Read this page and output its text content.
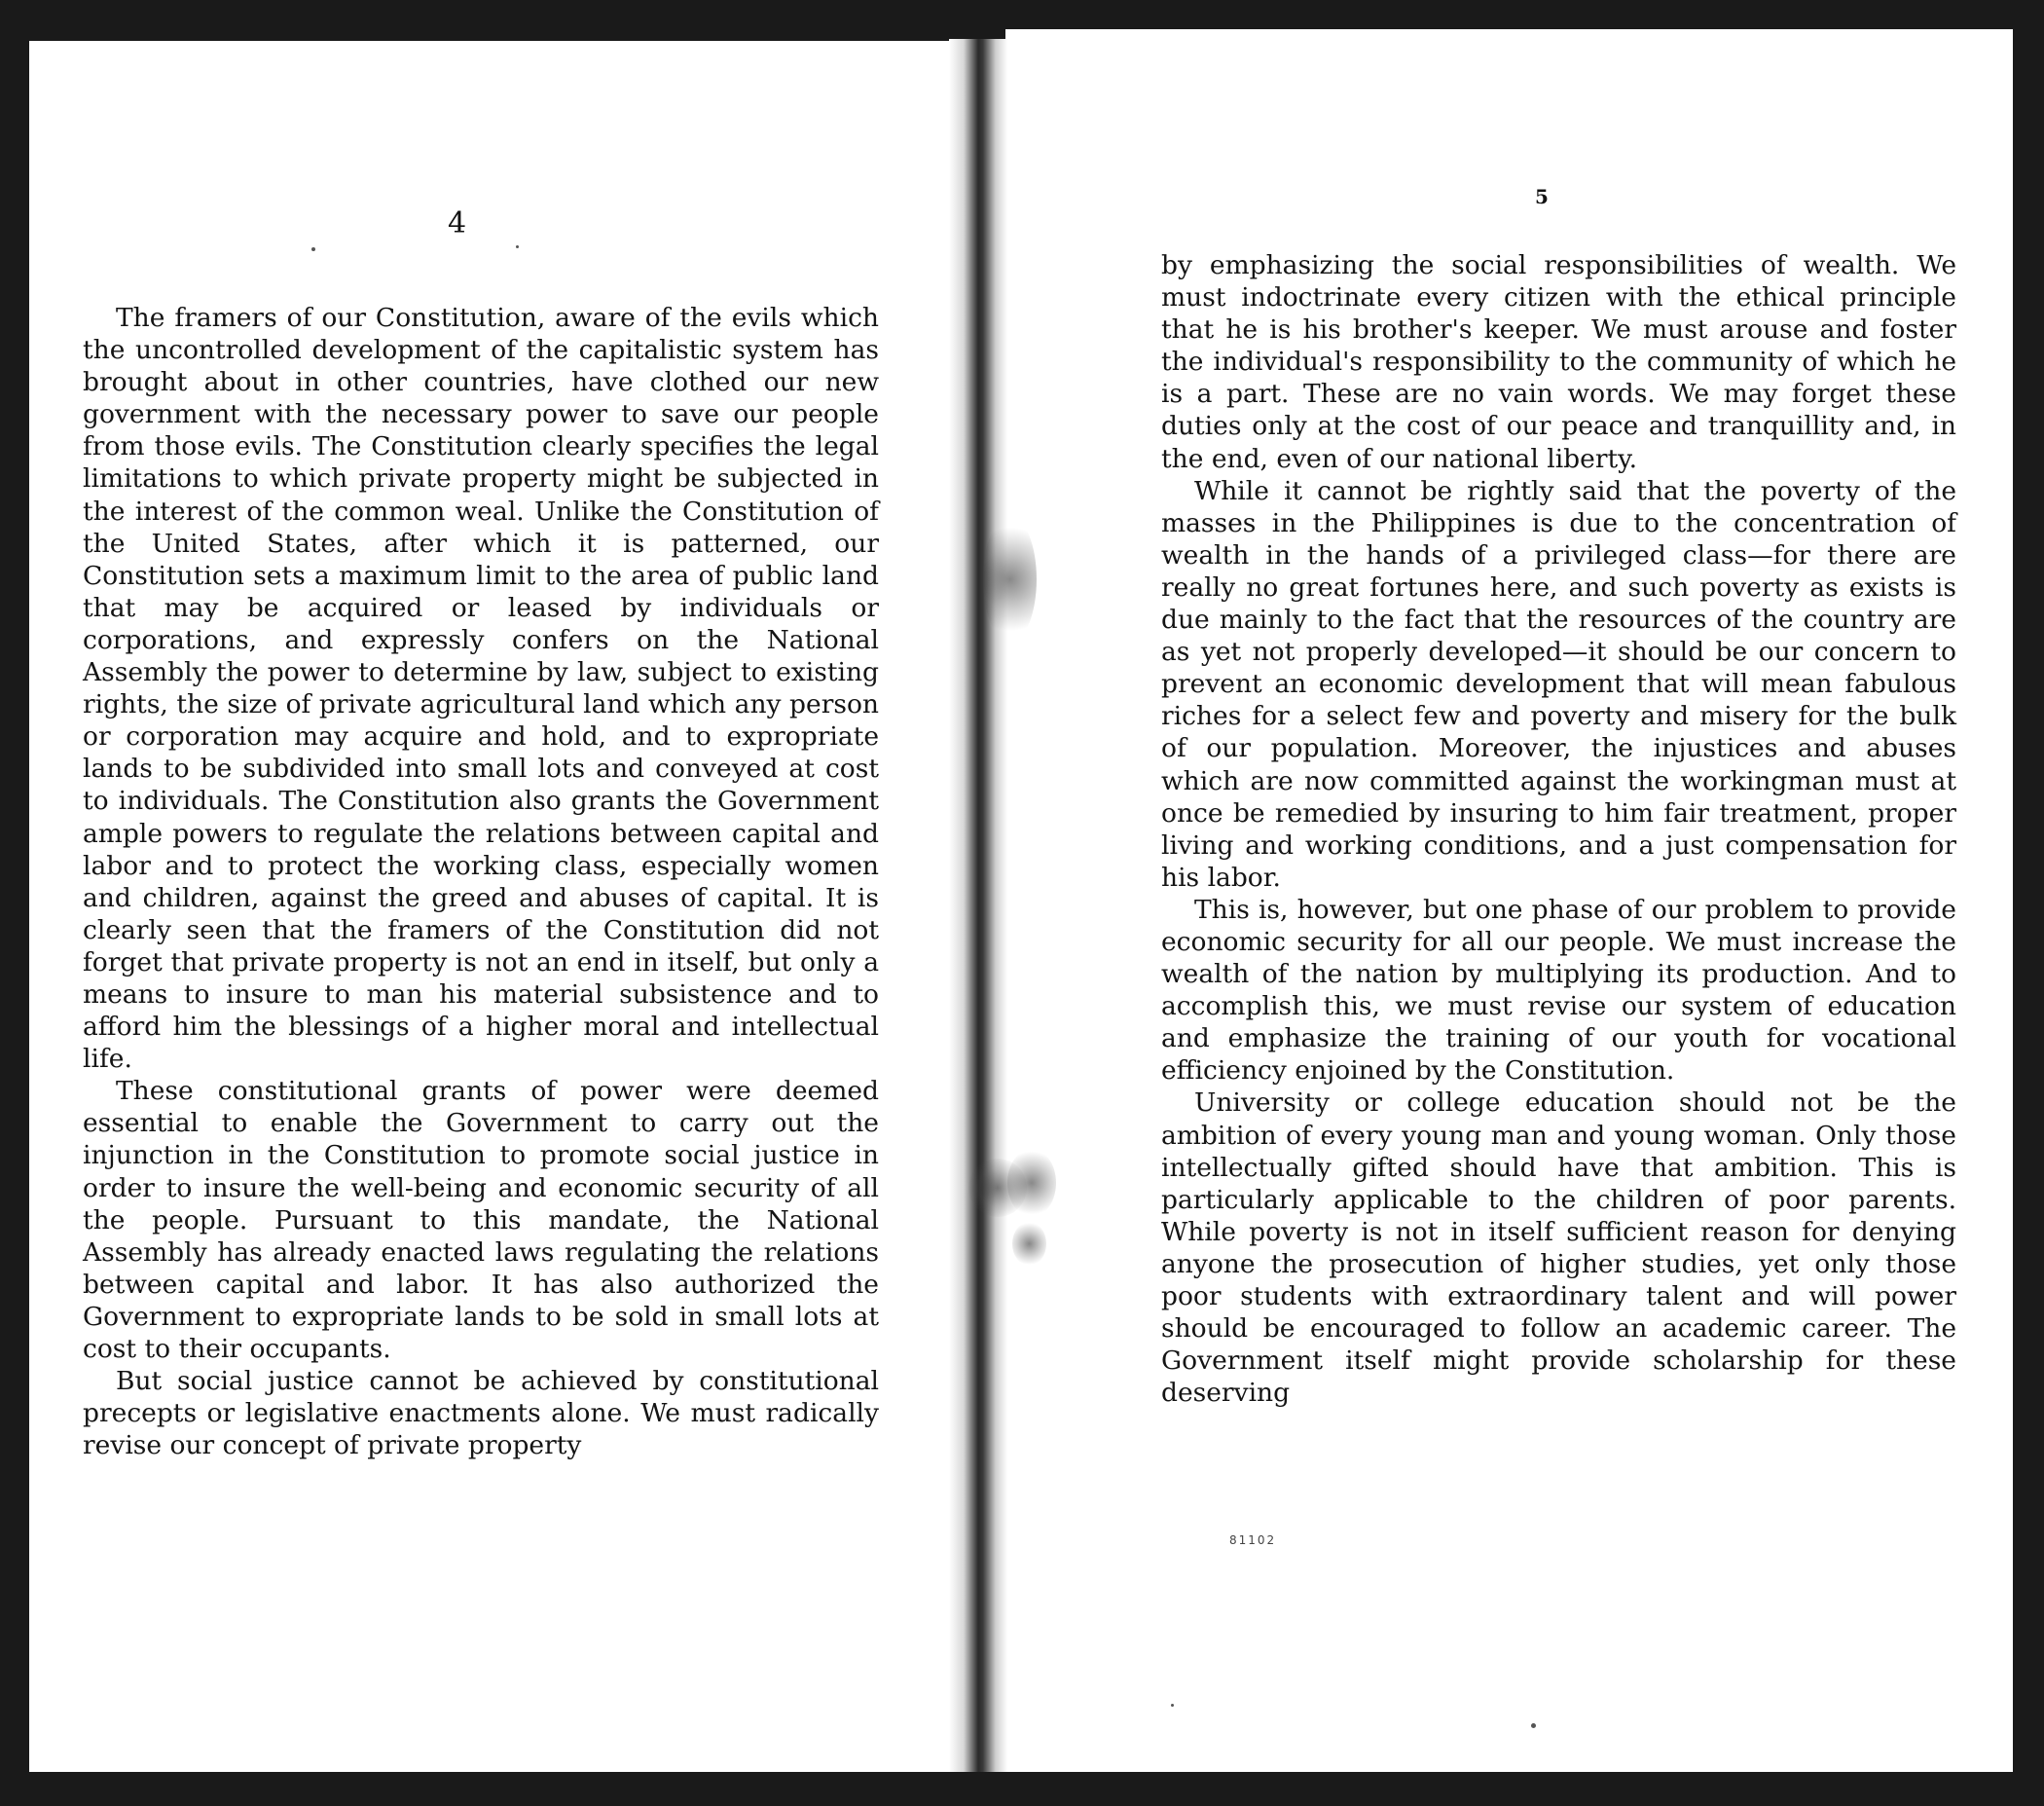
4

The framers of our Constitution, aware of the evils which the uncontrolled development of the capitalistic system has brought about in other countries, have clothed our new government with the necessary power to save our people from those evils. The Constitution clearly specifies the legal limitations to which private property might be subjected in the interest of the common weal. Unlike the Constitution of the United States, after which it is patterned, our Constitution sets a maximum limit to the area of public land that may be acquired or leased by individuals or corporations, and expressly confers on the National Assembly the power to determine by law, subject to existing rights, the size of private agricultural land which any person or corporation may acquire and hold, and to expropriate lands to be subdivided into small lots and conveyed at cost to individuals. The Constitution also grants the Government ample powers to regulate the relations between capital and labor and to protect the working class, especially women and children, against the greed and abuses of capital. It is clearly seen that the framers of the Constitution did not forget that private property is not an end in itself, but only a means to insure to man his material subsistence and to afford him the blessings of a higher moral and intellectual life.

These constitutional grants of power were deemed essential to enable the Government to carry out the injunction in the Constitution to promote social justice in order to insure the well-being and economic security of all the people. Pursuant to this mandate, the National Assembly has already enacted laws regulating the relations between capital and labor. It has also authorized the Government to expropriate lands to be sold in small lots at cost to their occupants.

But social justice cannot be achieved by constitutional precepts or legislative enactments alone. We must radically revise our concept of private property

5

by emphasizing the social responsibilities of wealth. We must indoctrinate every citizen with the ethical principle that he is his brother's keeper. We must arouse and foster the individual's responsibility to the community of which he is a part. These are no vain words. We may forget these duties only at the cost of our peace and tranquillity and, in the end, even of our national liberty.

While it cannot be rightly said that the poverty of the masses in the Philippines is due to the concentration of wealth in the hands of a privileged class—for there are really no great fortunes here, and such poverty as exists is due mainly to the fact that the resources of the country are as yet not properly developed—it should be our concern to prevent an economic development that will mean fabulous riches for a select few and poverty and misery for the bulk of our population. Moreover, the injustices and abuses which are now committed against the workingman must at once be remedied by insuring to him fair treatment, proper living and working conditions, and a just compensation for his labor.

This is, however, but one phase of our problem to provide economic security for all our people. We must increase the wealth of the nation by multiplying its production. And to accomplish this, we must revise our system of education and emphasize the training of our youth for vocational efficiency enjoined by the Constitution.

University or college education should not be the ambition of every young man and young woman. Only those intellectually gifted should have that ambition. This is particularly applicable to the children of poor parents. While poverty is not in itself sufficient reason for denying anyone the prosecution of higher studies, yet only those poor students with extraordinary talent and will power should be encouraged to follow an academic career. The Government itself might provide scholarship for these deserving

81102
